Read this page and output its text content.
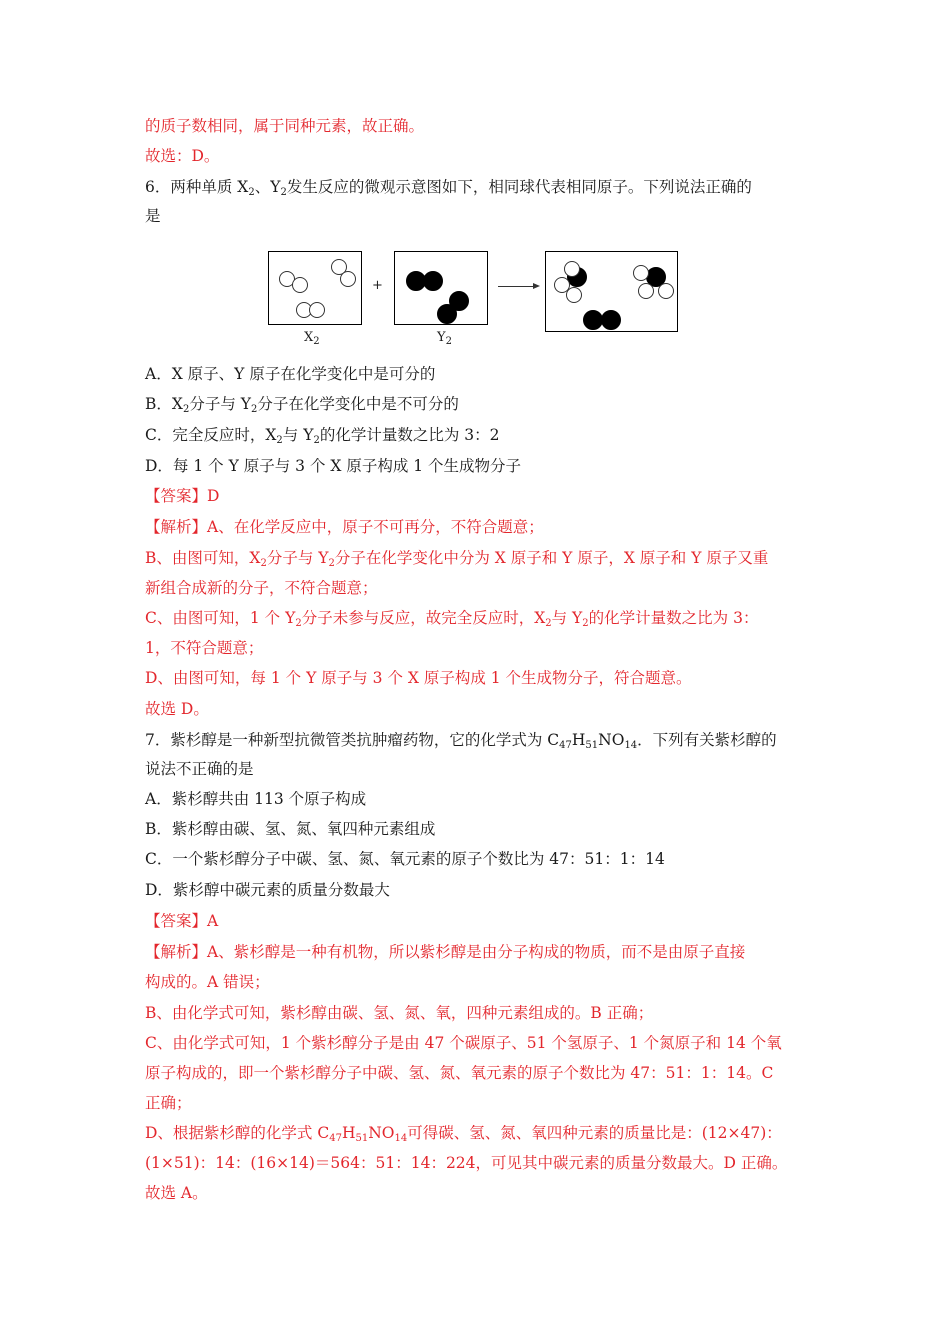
的质子数相同，属于同种元素，故正确。
故选：D。
6．两种单质 $X_2$、$Y_2$发生反应的微观示意图如下，相同球代表相同原子。下列说法正确的
是
$X_2$
+
$Y_2$
A．X 原子、Y 原子在化学变化中是可分的
B．$X_2$分子与 $Y_2$分子在化学变化中是不可分的
C．完全反应时，$X_2$与 $Y_2$的化学计量数之比为 3：2
D．每 1 个 Y 原子与 3 个 X 原子构成 1 个生成物分子
【答案】D
【解析】A、在化学反应中，原子不可再分，不符合题意；
B、由图可知，$X_2$分子与 $Y_2$分子在化学变化中分为 X 原子和 Y 原子，X 原子和 Y 原子又重
新组合成新的分子，不符合题意；
C、由图可知，1 个 $Y_2$分子未参与反应，故完全反应时，$X_2$与 $Y_2$的化学计量数之比为 3：
1，不符合题意；
D、由图可知，每 1 个 Y 原子与 3 个 X 原子构成 1 个生成物分子，符合题意。
故选 D。
7．紫杉醇是一种新型抗微管类抗肿瘤药物，它的化学式为 $C_{47}H_{51}NO_{14}$．下列有关紫杉醇的
说法不正确的是
A．紫杉醇共由 113 个原子构成
B．紫杉醇由碳、氢、氮、氧四种元素组成
C．一个紫杉醇分子中碳、氢、氮、氧元素的原子个数比为 47：51：1：14
D．紫杉醇中碳元素的质量分数最大
【答案】A
【解析】A、紫杉醇是一种有机物，所以紫杉醇是由分子构成的物质，而不是由原子直接
构成的。A 错误；
B、由化学式可知，紫杉醇由碳、氢、氮、氧，四种元素组成的。B 正确；
C、由化学式可知，1 个紫杉醇分子是由 47 个碳原子、51 个氢原子、1 个氮原子和 14 个氧
原子构成的，即一个紫杉醇分子中碳、氢、氮、氧元素的原子个数比为 47：51：1：14。C
正确；
D、根据紫杉醇的化学式 $C_{47}H_{51}NO_{14}$可得碳、氢、氮、氧四种元素的质量比是：(12×47)：
(1×51)：14：(16×14)＝564：51：14：224，可见其中碳元素的质量分数最大。D 正确。
故选 A。
